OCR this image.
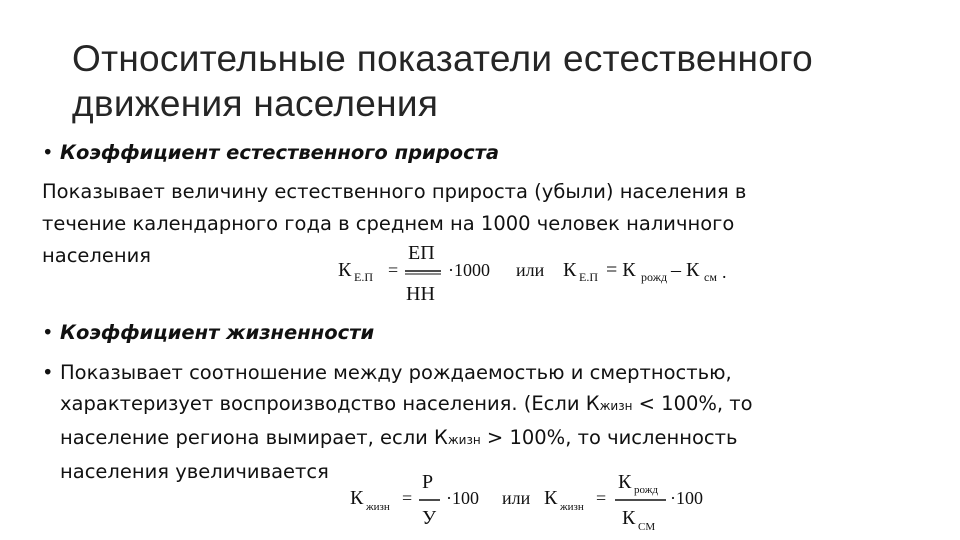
Относительные показатели естественного
движения населения
• Коэффициент естественного прироста
Показывает величину естественного прироста (убыли) населения в
течение календарного года в среднем на 1000 человек наличного
населения
К Е.П =
ЕП
НН
·1000 или К Е.П = К рожд – К см .
• Коэффициент жизненности
• Показывает соотношение между рождаемостью и смертностью,
характеризует воспроизводство населения. (Если Кжизн < 100%, то
население региона вымирает, если Кжизн > 100%, то численность
населения увеличивается
К жизн =
Р
У
·100 или К жизн =
К рожд
К СМ
·100
